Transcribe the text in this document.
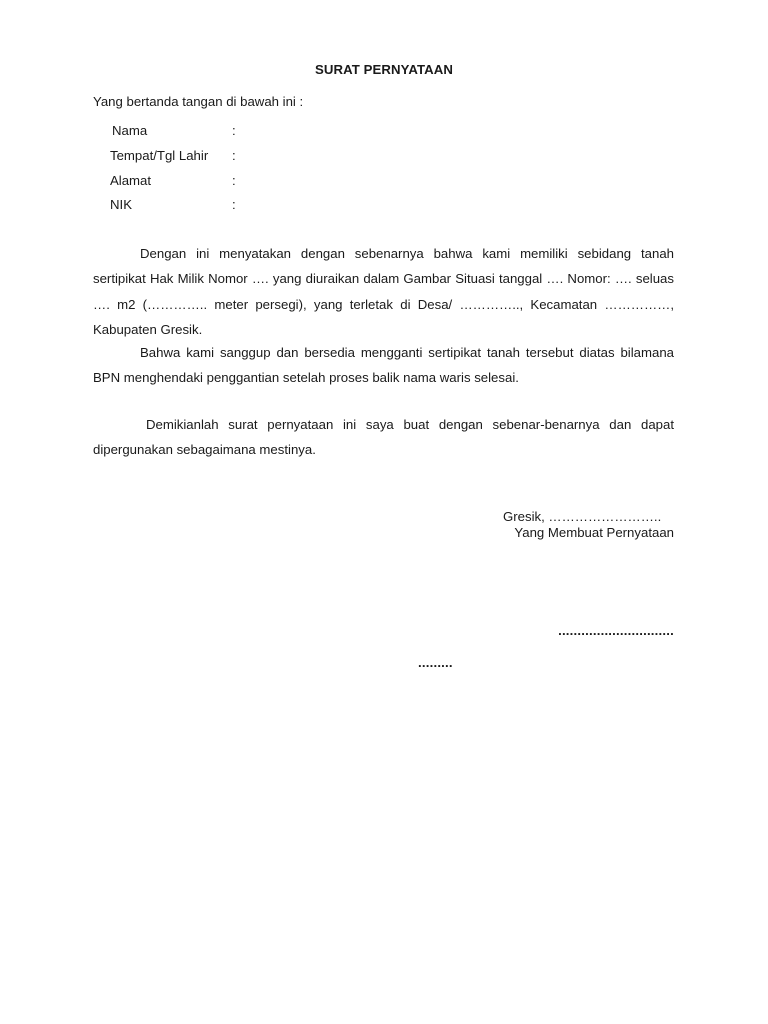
SURAT PERNYATAAN
Yang bertanda tangan di bawah ini :
Nama	:
Tempat/Tgl Lahir :
Alamat	:
NIK	:
Dengan ini menyatakan dengan sebenarnya bahwa kami memiliki sebidang tanah sertipikat Hak Milik Nomor …. yang diuraikan dalam Gambar Situasi tanggal …. Nomor: …. seluas …. m2 (………….. meter persegi), yang terletak di Desa/ ………….., Kecamatan ……………, Kabupaten Gresik.
Bahwa kami sanggup dan bersedia mengganti sertipikat tanah tersebut diatas bilamana BPN menghendaki penggantian setelah proses balik nama waris selesai.
Demikianlah surat pernyataan ini saya buat dengan sebenar-benarnya dan dapat dipergunakan sebagaimana mestinya.
Gresik, ……………………..
Yang Membuat Pernyataan
..............................
.........
